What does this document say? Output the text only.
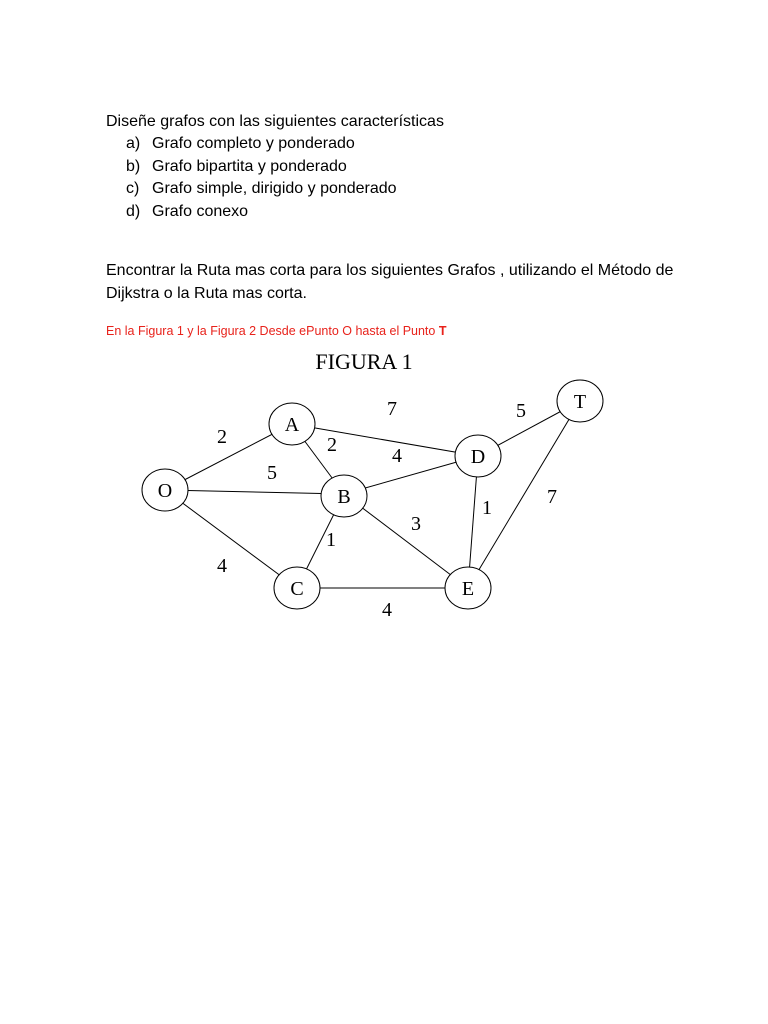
Diseñe grafos con las siguientes características

a) Grafo completo y ponderado
b) Grafo bipartita y ponderado
c) Grafo simple, dirigido y ponderado
d) Grafo conexo

Encontrar la Ruta mas corta para los siguientes Grafos , utilizando el Método de Dijkstra o la Ruta mas corta.

En la Figura 1 y la Figura 2 Desde ePunto O hasta el Punto T

FIGURA 1
2
5
4
2
7
1
4
3
4
1
5
7
O
A
B
C
D
E
T
